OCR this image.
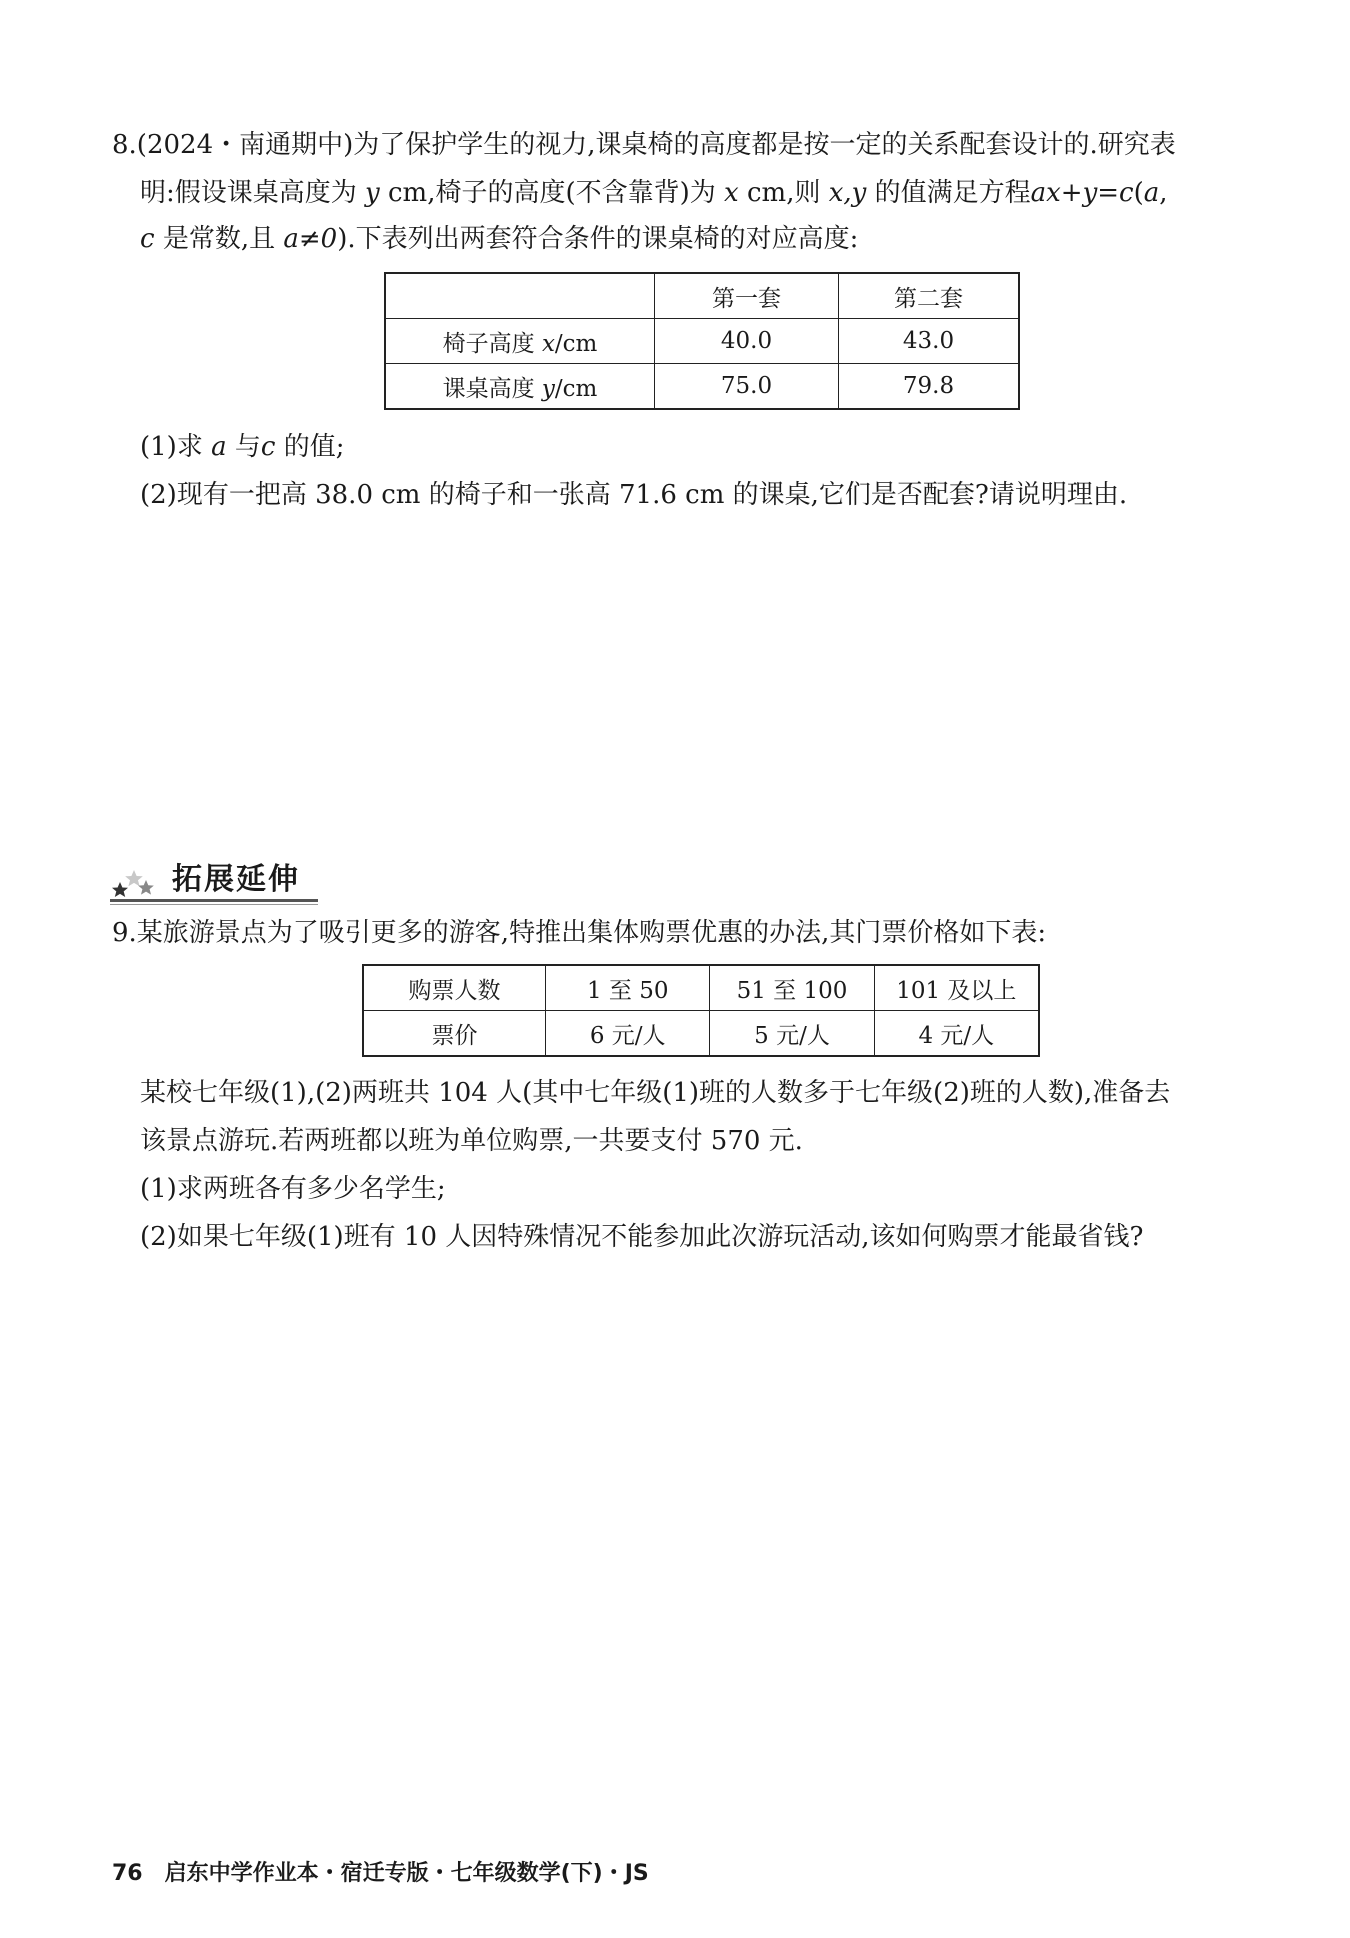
8.(2024・南通期中)为了保护学生的视力,课桌椅的高度都是按一定的关系配套设计的.研究表
明:假设课桌高度为 y cm,椅子的高度(不含靠背)为 x cm,则 x,y 的值满足方程ax+y=c(a,
c 是常数,且 a≠0).下表列出两套符合条件的课桌椅的对应高度:
	第一套	第二套
椅子高度 x/cm	40.0	43.0
课桌高度 y/cm	75.0	79.8
(1)求 a 与c 的值;
(2)现有一把高 38.0 cm 的椅子和一张高 71.6 cm 的课桌,它们是否配套?请说明理由.
拓展延伸
9.某旅游景点为了吸引更多的游客,特推出集体购票优惠的办法,其门票价格如下表:
购票人数	1 至 50	51 至 100	101 及以上
票价	6 元/人	5 元/人	4 元/人
某校七年级(1),(2)两班共 104 人(其中七年级(1)班的人数多于七年级(2)班的人数),准备去
该景点游玩.若两班都以班为单位购票,一共要支付 570 元.
(1)求两班各有多少名学生;
(2)如果七年级(1)班有 10 人因特殊情况不能参加此次游玩活动,该如何购票才能最省钱?
76 启东中学作业本・宿迁专版・七年级数学(下)・JS
